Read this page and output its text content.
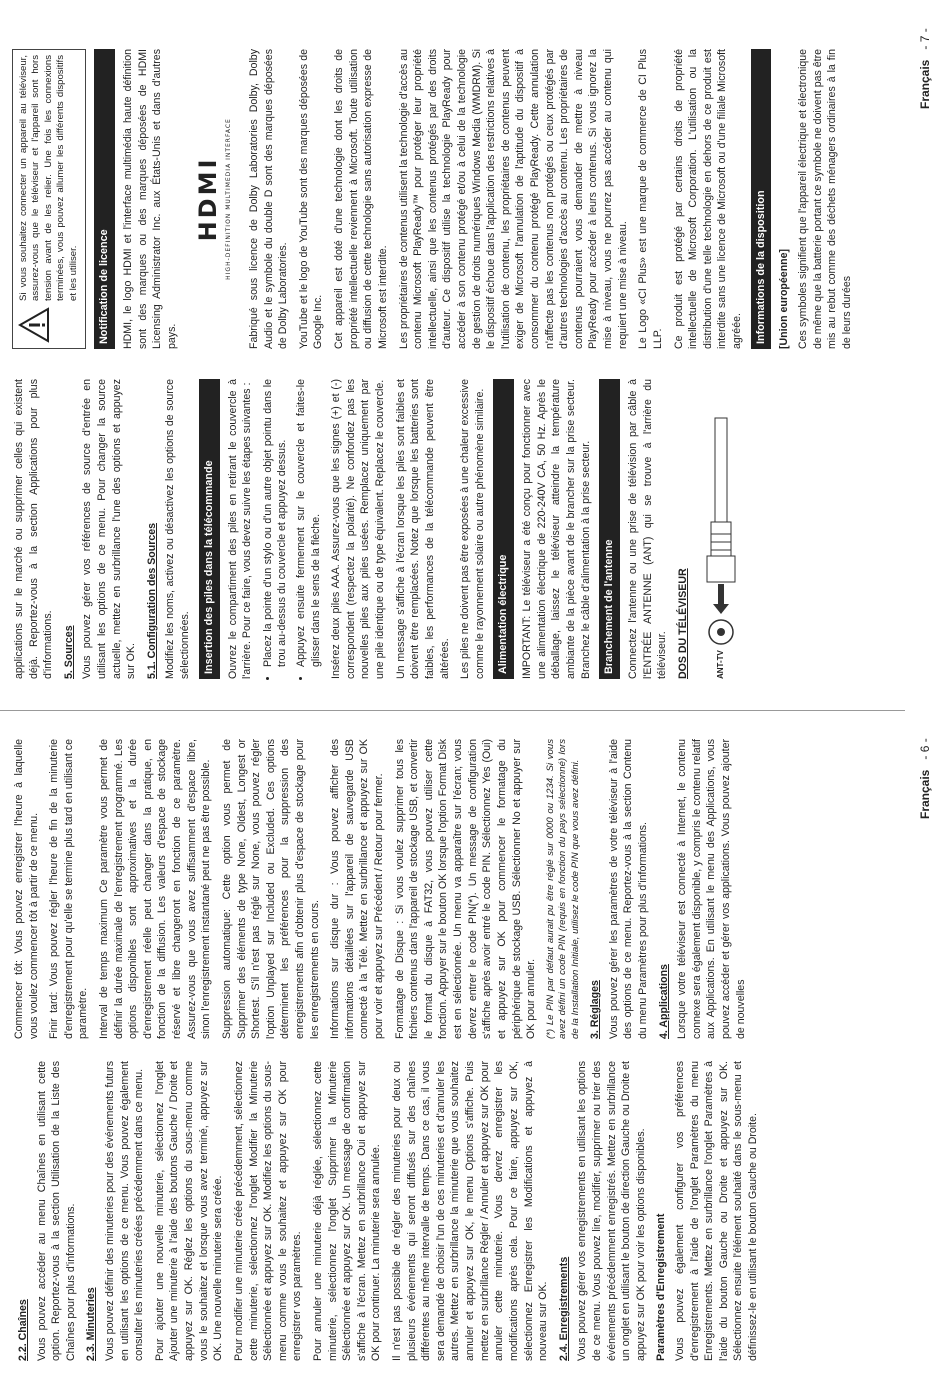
2.2. Chaînes Vous pouvez accéder au menu Chaînes en utilisant cette option. Reportez-vous à la section Utilisation de la Liste des Chaînes pour plus d'informations. 2.3. Minuteries Vous pouvez définir des minuteries pour des événements futurs en utilisant les options de ce menu. Vous pouvez également consulter les minuteries créées précédemment dans ce menu. Pour ajouter une nouvelle minuterie, sélectionnez l'onglet Ajouter une minuterie à l'aide des boutons Gauche / Droite et appuyez sur OK. Réglez les options du sous-menu comme vous le souhaitez et lorsque vous avez terminé, appuyez sur OK. Une nouvelle minuterie sera créée. Pour modifier une minuterie créée précédemment, sélectionnez cette minuterie, sélectionnez l'onglet Modifier la Minuterie Sélectionnée et appuyez sur OK. Modifiez les options du sous-menu comme vous le souhaitez et appuyez sur OK pour enregistrer vos paramètres. Pour annuler une minuterie déjà réglée, sélectionnez cette minuterie, sélectionnez l'onglet Supprimer la Minuterie Sélectionnée et appuyez sur OK. Un message de confirmation s'affiche à l'écran. Mettez en surbrillance Oui et appuyez sur OK pour continuer. La minuterie sera annulée. Il n'est pas possible de régler des minuteries pour deux ou plusieurs événements qui seront diffusés sur des chaînes différentes au même intervalle de temps. Dans ce cas, il vous sera demandé de choisir l'un de ces minuteries et d'annuler les autres. Mettez en surbrillance la minuterie que vous souhaitez annuler et appuyez sur OK, le menu Options s'affiche. Puis mettez en surbrillance Régler / Annuler et appuyez sur OK pour annuler cette minuterie. Vous devrez enregistrer les modifications après cela. Pour ce faire, appuyez sur OK, sélectionnez Enregistrer les Modifications et appuyez à nouveau sur OK. 2.4. Enregistrements Vous pouvez gérer vos enregistrements en utilisant les options de ce menu. Vous pouvez lire, modifier, supprimer ou trier des événements précédemment enregistrés. Mettez en surbrillance un onglet en utilisant le bouton de direction Gauche ou Droite et appuyez sur OK pour voir les options disponibles. Paramètres d'Enregistrement Vous pouvez également configurer vos préférences d'enregistrement à l'aide de l'onglet Paramètres du menu Enregistrements. Mettez en surbrillance l'onglet Paramètres à l'aide du bouton Gauche ou Droite et appuyez sur OK. Sélectionnez ensuite l'élément souhaité dans le sous-menu et définissez-le en utilisant le bouton Gauche ou Droite.

Commencer tôt: Vous pouvez enregistrer l'heure à laquelle vous voulez commencer tôt à partir de ce menu. Finir tard: Vous pouvez régler l'heure de fin de la minuterie d'enregistrement pour qu'elle se termine plus tard en utilisant ce paramètre. Interval de temps maximum Ce paramètre vous permet de définir la durée maximale de l'enregistrement programmé. Les options disponibles sont approximatives et la durée d'enregistrement réelle peut changer dans la pratique, en fonction de la diffusion. Les valeurs d'espace de stockage réservé et libre changeront en fonction de ce paramètre. Assurez-vous que vous avez suffisamment d'espace libre, sinon l'enregistrement instantané peut ne pas être possible. Suppression automatique: Cette option vous permet de Supprimer des éléments de type None, Oldest, Longest or Shortest. S'il n'est pas réglé sur None, vous pouvez régler l'option Unplayed sur Included ou Excluded. Ces options déterminent les préférences pour la suppression des enregistrements afin d'obtenir plus d'espace de stockage pour les enregistrements en cours. Informations sur disque dur : Vous pouvez afficher des informations détaillées sur l'appareil de sauvegarde USB connecté à la Télé. Mettez en surbrillance et appuyez sur OK pour voir et appuyez sur Précédent / Retour pour fermer. Formatage de Disque : Si vous voulez supprimer tous les fichiers contenus dans l'appareil de stockage USB, et convertir le format du disque à FAT32, vous pouvez utiliser cette fonction. Appuyer sur le bouton OK lorsque l'option Format Disk est en sélectionnée. Un menu va apparaître sur l'écran; vous devrez entrer le code PIN(*). Un message de configuration s'affiche après avoir entré le code PIN. Sélectionnez Yes (Oui) et appuyez sur OK pour commencer le formatage du périphérique de stockage USB. Sélectionner No et appuyer sur OK pour annuler. (*) Le PIN par défaut aurait pu être réglé sur 0000 ou 1234. Si vous avez défini un code PIN (requis en fonction du pays sélectionné) lors de la Installation Initiale, utilisez le code PIN que vous avez défini. 3. Réglages Vous pouvez gérer les paramètres de votre téléviseur à l'aide des options de ce menu. Reportez-vous à la section Contenu du menu Paramètres pour plus d'informations. 4. Applications Lorsque votre téléviseur est connecté à Internet, le contenu connexe sera également disponible, y compris le contenu relatif aux Applications. En utilisant le menu des Applications, vous pouvez accéder et gérer vos applications. Vous pouvez ajouter de nouvelles

Français- 6 -

applications sur le marché ou supprimer celles qui existent déjà. Reportez-vous à la section Applications pour plus d'informations. 5. Sources Vous pouvez gérer vos références de source d'entrée en utilisant les options de ce menu. Pour changer la source actuelle, mettez en surbrillance l'une des options et appuyez sur OK. 5.1. Configuration des Sources Modifiez les noms, activez ou désactivez les options de source sélectionnées.	Insertion des piles dans la télécommande	Ouvrez le compartiment des piles en retirant le couvercle à l'arrière. Pour ce faire, vous devez suivre les étapes suivantes : • Placez la pointe d'un stylo ou d'un autre objet pointu dans le trou au-dessus du couvercle et appuyez dessus. • Appuyez ensuite fermement sur le couvercle et faites-le glisser dans le sens de la flèche. Insérez deux piles AAA. Assurez-vous que les signes (+) et (-) correspondent (respectez la polarité). Ne confondez pas les nouvelles piles aux piles usées. Remplacez uniquement par une pile identique ou de type équivalent. Replacez le couvercle. Un message s'affiche à l'écran lorsque les piles sont faibles et doivent être remplacées. Notez que lorsque les batteries sont faibles, les performances de la télécommande peuvent être altérées. Les piles ne doivent pas être exposées à une chaleur excessive comme le rayonnement solaire ou autre phénomène similaire.	Alimentation électrique	IMPORTANT: Le téléviseur a été conçu pour fonctionner avec une alimentation électrique de 220-240V CA, 50 Hz. Après le déballage, laissez le téléviseur atteindre la température ambiante de la pièce avant de le brancher sur la prise secteur. Branchez le câble d'alimentation à la prise secteur.	Branchement de l'antenne	Connectez l'antenne ou une prise de télévision par câble à l'ENTRÉE ANTENNE (ANT) qui se trouve à l'arrière du téléviseur. DOS DU TÉLÉVISEUR	ANT-TV
Si vous souhaitez connecter un appareil au téléviseur, assurez-vous que le téléviseur et l'appareil sont hors tension avant de les relier. Une fois les connexions terminées, vous pouvez allumer les différents dispositifs et les utiliser.	Notification de licence	HDMI, le logo HDMI et l'interface multimédia haute définition sont des marques ou des marques déposées de HDMI Licensing Administrator Inc. aux États-Unis et dans d'autres pays.

HDMI HIGH-DEFINITION MULTIMEDIA INTERFACE Fabriqué sous licence de Dolby Laboratories Dolby, Dolby Audio et le symbole du double D sont des marques déposées de Dolby Laboratories. YouTube et le logo de YouTube sont des marques déposées de Google Inc. Cet appareil est doté d'une technologie dont les droits de propriété intellectuelle reviennent à Microsoft. Toute utilisation ou diffusion de cette technologie sans autorisation expresse de Microsoft est interdite. Les propriétaires de contenus utilisent la technologie d'accès au contenu Microsoft PlayReady™ pour protéger leur propriété intellectuelle, ainsi que les contenus protégés par des droits d'auteur. Ce dispositif utilise la technologie PlayReady pour accéder à son contenu protégé et/ou à celui de la technologie de gestion de droits numériques Windows Media (WMDRM). Si le dispositif échoue dans l'application des restrictions relatives à l'utilisation de contenu, les propriétaires de contenus peuvent exiger de Microsoft l'annulation de l'aptitude du dispositif à consommer du contenu protégé PlayReady. Cette annulation n'affecte pas les contenus non protégés ou ceux protégés par d'autres technologies d'accès au contenu. Les propriétaires de contenus pourraient vous demander de mettre à niveau PlayReady pour accéder à leurs contenus. Si vous ignorez la mise à niveau, vous ne pourrez pas accéder au contenu qui requiert une mise à niveau. Le Logo «CI Plus» est une marque de commerce de CI Plus LLP. Ce produit est protégé par certains droits de propriété intellectuelle de Microsoft Corporation. L'utilisation ou la distribution d'une telle technologie en dehors de ce produit est interdite sans une licence de Microsoft ou d'une filiale Microsoft agréée.	Informations de la disposition	[Union européenne] Ces symboles signifient que l'appareil électrique et électronique de même que la batterie portant ce symbole ne doivent pas être mis au rebut comme des déchets ménagers ordinaires à la fin de leurs durées

Français- 7 -
